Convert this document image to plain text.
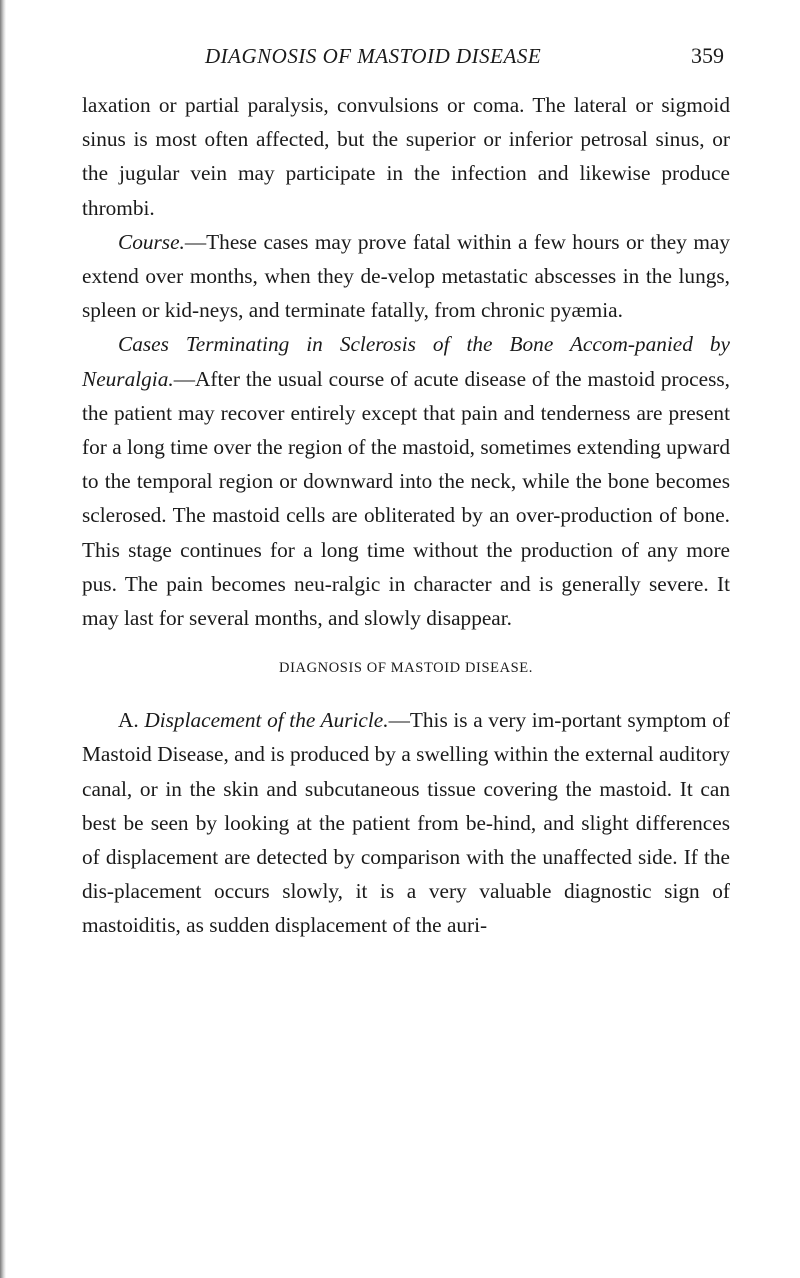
DIAGNOSIS OF MASTOID DISEASE	359

laxation or partial paralysis, convulsions or coma. The lateral or sigmoid sinus is most often affected, but the superior or inferior petrosal sinus, or the jugular vein may participate in the infection and likewise produce thrombi.

Course.—These cases may prove fatal within a few hours or they may extend over months, when they de-velop metastatic abscesses in the lungs, spleen or kid-neys, and terminate fatally, from chronic pyæmia.

Cases Terminating in Sclerosis of the Bone Accom-panied by Neuralgia.—After the usual course of acute disease of the mastoid process, the patient may recover entirely except that pain and tenderness are present for a long time over the region of the mastoid, sometimes extending upward to the temporal region or downward into the neck, while the bone becomes sclerosed. The mastoid cells are obliterated by an over-production of bone. This stage continues for a long time without the production of any more pus. The pain becomes neu-ralgic in character and is generally severe. It may last for several months, and slowly disappear.

DIAGNOSIS OF MASTOID DISEASE.

A. Displacement of the Auricle.—This is a very im-portant symptom of Mastoid Disease, and is produced by a swelling within the external auditory canal, or in the skin and subcutaneous tissue covering the mastoid. It can best be seen by looking at the patient from be-hind, and slight differences of displacement are detected by comparison with the unaffected side. If the dis-placement occurs slowly, it is a very valuable diagnostic sign of mastoiditis, as sudden displacement of the auri-
